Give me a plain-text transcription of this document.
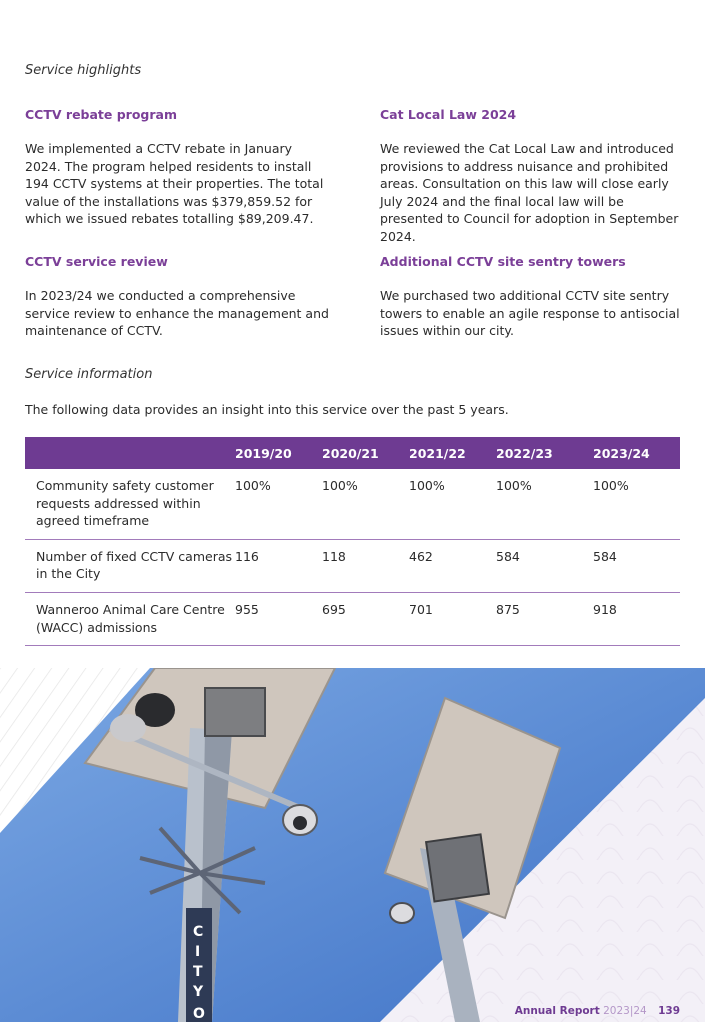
Service highlights
CCTV rebate program

We implemented a CCTV rebate in January 2024. The program helped residents to install 194 CCTV systems at their properties. The total value of the installations was $379,859.52 for which we issued rebates totalling $89,209.47.

Cat Local Law 2024

We reviewed the Cat Local Law and introduced provisions to address nuisance and prohibited areas. Consultation on this law will close early July 2024 and the final local law will be presented to Council for adoption in September 2024.

CCTV service review

In 2023/24 we conducted a comprehensive service review to enhance the management and maintenance of CCTV.

Additional CCTV site sentry towers

We purchased two additional CCTV site sentry towers to enable an agile response to antisocial issues within our city.

Service information
The following data provides an insight into this service over the past 5 years.
	2019/20	2020/21	2021/22	2022/23	2023/24
Community safety customer requests addressed within agreed timeframe	100%	100%	100%	100%	100%
Number of fixed CCTV cameras in the City	116	118	462	584	584
Wanneroo Animal Care Centre (WACC) admissions	955	695	701	875	918
C
I
T
Y
O	Annual Report 2023|24 139
